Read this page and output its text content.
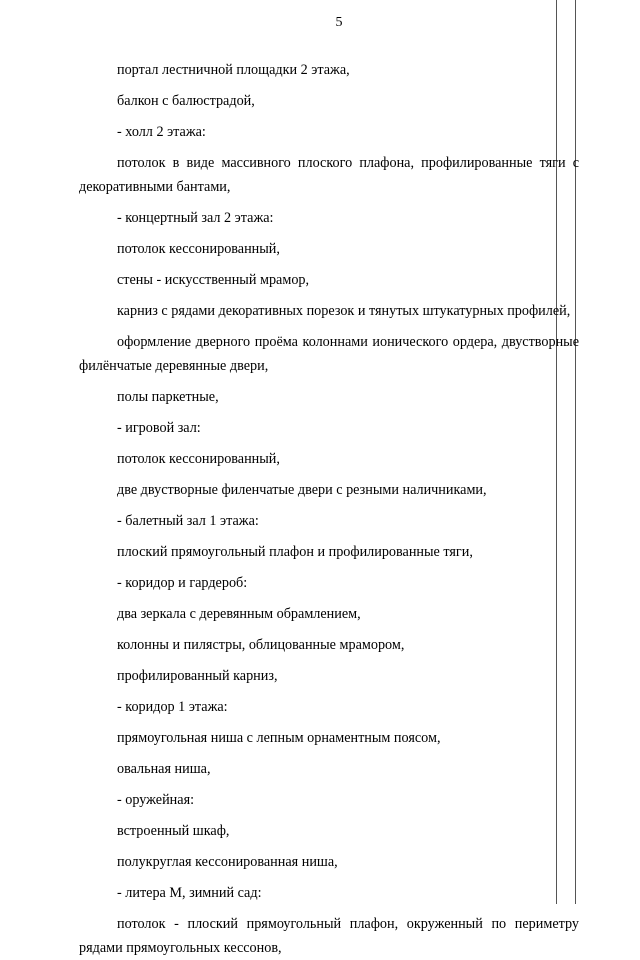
5

портал лестничной площадки 2 этажа,

балкон с балюстрадой,

- холл 2 этажа:

потолок в виде массивного плоского плафона, профилированные тяги с декоративными бантами,

- концертный зал 2 этажа:

потолок кессонированный,

стены - искусственный мрамор,

карниз с рядами декоративных порезок и тянутых штукатурных профилей,

оформление дверного проёма колоннами ионического ордера, двустворные филёнчатые деревянные двери,

полы паркетные,

- игровой зал:

потолок кессонированный,

две двустворные филенчатые двери с резными наличниками,

- балетный зал 1 этажа:

плоский прямоугольный плафон и профилированные тяги,

- коридор и гардероб:

два зеркала с деревянным обрамлением,

колонны и пилястры, облицованные мрамором,

профилированный карниз,

- коридор 1 этажа:

прямоугольная ниша с лепным орнаментным поясом,

овальная ниша,

- оружейная:

встроенный шкаф,

полукруглая кессонированная ниша,

- литера М, зимний сад:

потолок - плоский прямоугольный плафон, окруженный по периметру рядами прямоугольных кессонов,
